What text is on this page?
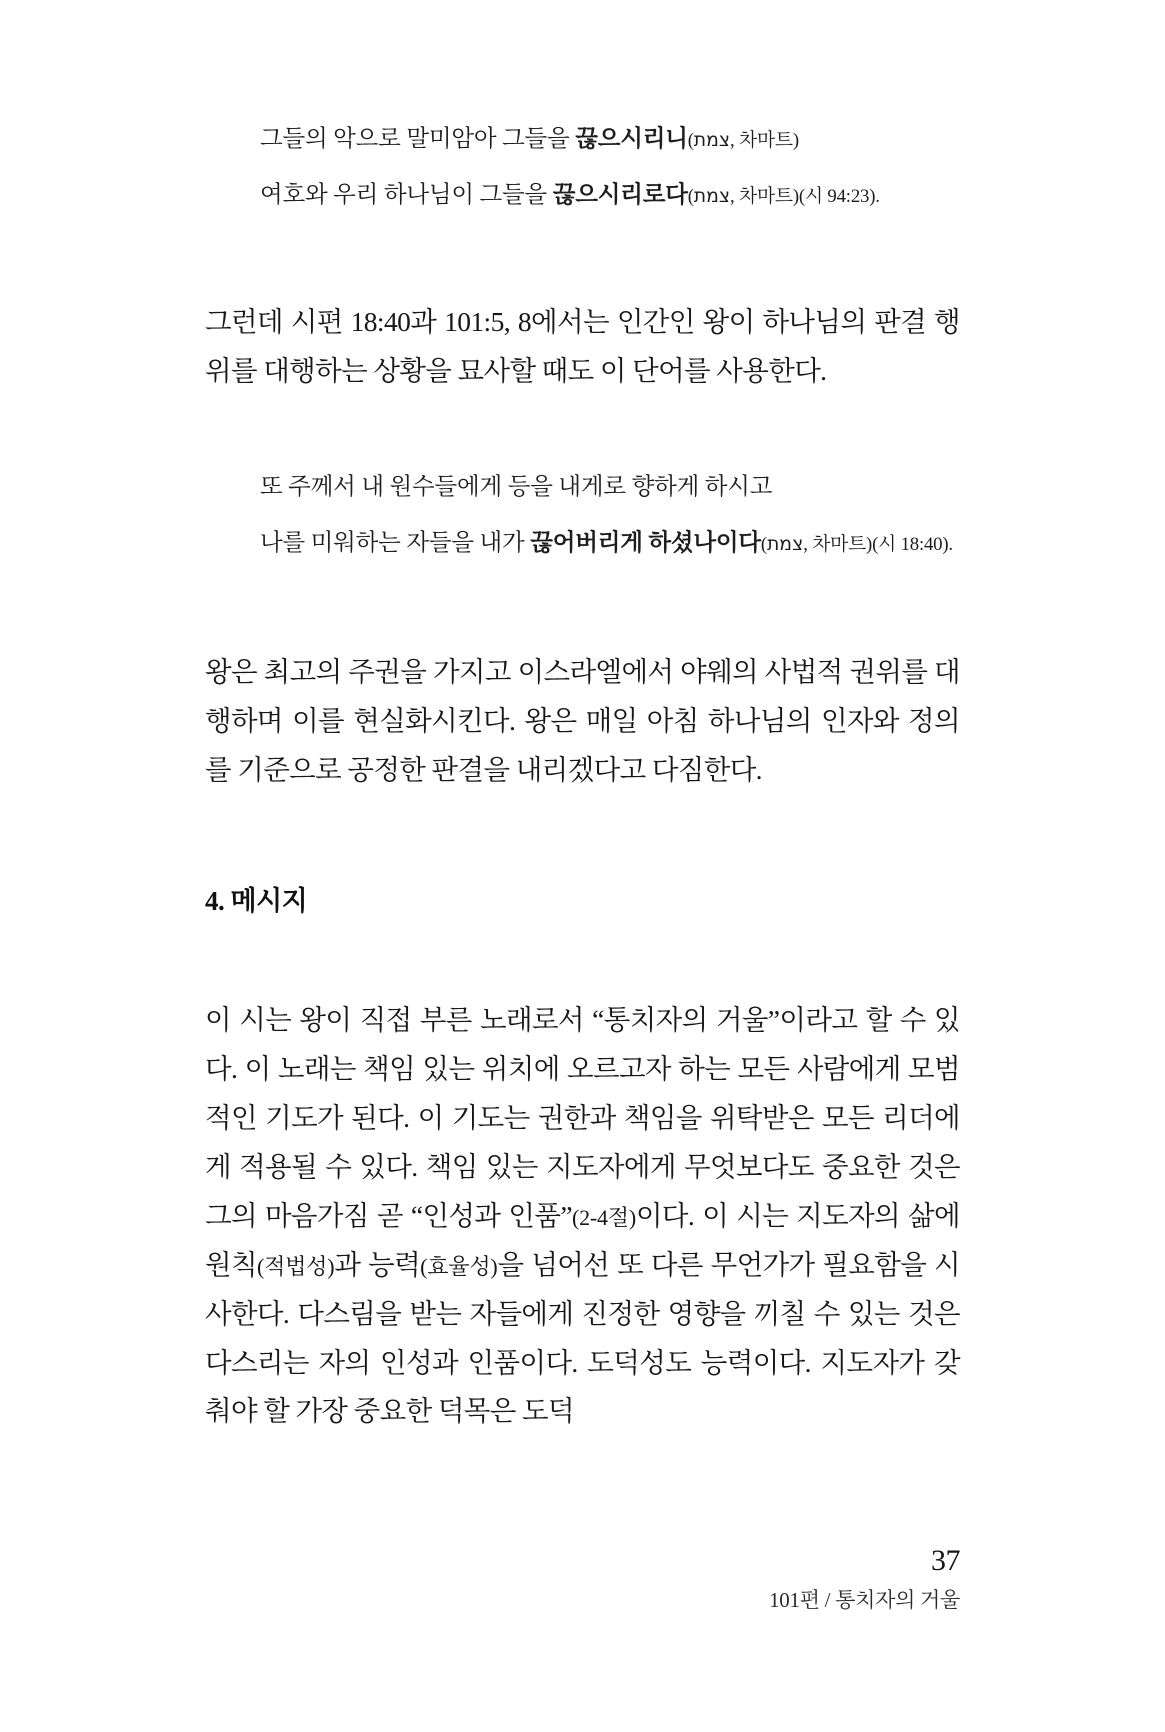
그들의 악으로 말미암아 그들을 끊으시리니(צמת, 차마트)
여호와 우리 하나님이 그들을 끊으시리로다(צמת, 차마트)(시 94:23).

그런데 시편 18:40과 101:5, 8에서는 인간인 왕이 하나님의 판결 행위를 대행하는 상황을 묘사할 때도 이 단어를 사용한다.

또 주께서 내 원수들에게 등을 내게로 향하게 하시고
나를 미워하는 자들을 내가 끊어버리게 하셨나이다(צמת, 차마트)(시 18:40).

왕은 최고의 주권을 가지고 이스라엘에서 야웨의 사법적 권위를 대행하며 이를 현실화시킨다. 왕은 매일 아침 하나님의 인자와 정의를 기준으로 공정한 판결을 내리겠다고 다짐한다.

4. 메시지

이 시는 왕이 직접 부른 노래로서 “통치자의 거울”이라고 할 수 있다. 이 노래는 책임 있는 위치에 오르고자 하는 모든 사람에게 모범적인 기도가 된다. 이 기도는 권한과 책임을 위탁받은 모든 리더에게 적용될 수 있다. 책임 있는 지도자에게 무엇보다도 중요한 것은 그의 마음가짐 곧 “인성과 인품”(2-4절)이다. 이 시는 지도자의 삶에 원칙(적법성)과 능력(효율성)을 넘어선 또 다른 무언가가 필요함을 시사한다. 다스림을 받는 자들에게 진정한 영향을 끼칠 수 있는 것은 다스리는 자의 인성과 인품이다. 도덕성도 능력이다. 지도자가 갖춰야 할 가장 중요한 덕목은 도덕

37
101편 / 통치자의 거울
